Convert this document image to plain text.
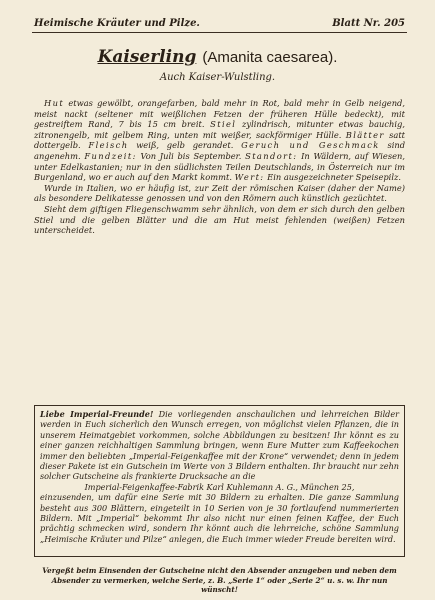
Heimische Kräuter und Pilze.	Blatt Nr. 205
Kaiserling (Amanita caesarea).
Auch Kaiser-Wulstling.

Hut etwas gewölbt, orangefarben, bald mehr in Rot, bald mehr in Gelb neigend, meist nackt (seltener mit weißlichen Fetzen der früheren Hülle bedeckt), mit gestreiftem Rand, 7 bis 15 cm breit. Stiel zylindrisch, mitunter etwas bauchig, zitronengelb, mit gelbem Ring, unten mit weißer, sackförmiger Hülle. Blätter satt dottergelb. Fleisch weiß, gelb gerandet. Geruch und Geschmack sind angenehm. Fundzeit: Von Juli bis September. Standort: In Wäldern, auf Wiesen, unter Edelkastanien; nur in den südlichsten Teilen Deutschlands, in Österreich nur im Burgenland, wo er auch auf den Markt kommt. Wert: Ein ausgezeichneter Speisepilz.

Wurde in Italien, wo er häufig ist, zur Zeit der römischen Kaiser (daher der Name) als besondere Delikatesse genossen und von den Römern auch künstlich gezüchtet.

Sieht dem giftigen Fliegenschwamm sehr ähnlich, von dem er sich durch den gelben Stiel und die gelben Blätter und die am Hut meist fehlenden (weißen) Fetzen unterscheidet.

Liebe Imperial-Freunde! Die vorliegenden anschaulichen und lehrreichen Bilder werden in Euch sicherlich den Wunsch erregen, von möglichst vielen Pflanzen, die in unserem Heimatgebiet vorkommen, solche Abbildungen zu besitzen! Ihr könnt es zu einer ganzen reichhaltigen Sammlung bringen, wenn Eure Mutter zum Kaffeekochen immer den beliebten „Imperial-Feigenkaffee mit der Krone“ verwendet; denn in jedem dieser Pakete ist ein Gutschein im Werte von 3 Bildern enthalten. Ihr braucht nur zehn solcher Gutscheine als frankierte Drucksache an die

Imperial-Feigenkaffee-Fabrik Karl Kuhlemann A. G., München 25,

einzusenden, um dafür eine Serie mit 30 Bildern zu erhalten. Die ganze Sammlung besteht aus 300 Blättern, eingeteilt in 10 Serien von je 30 fortlaufend nummerierten Bildern. Mit „Imperial“ bekommt Ihr also nicht nur einen feinen Kaffee, der Euch prächtig schmecken wird, sondern Ihr könnt auch die lehrreiche, schöne Sammlung „Heimische Kräuter und Pilze“ anlegen, die Euch immer wieder Freude bereiten wird.

Vergeßt beim Einsenden der Gutscheine nicht den Absender anzugeben und neben dem Absender zu vermerken, welche Serie, z. B. „Serie 1“ oder „Serie 2“ u. s. w. Ihr nun wünscht!
